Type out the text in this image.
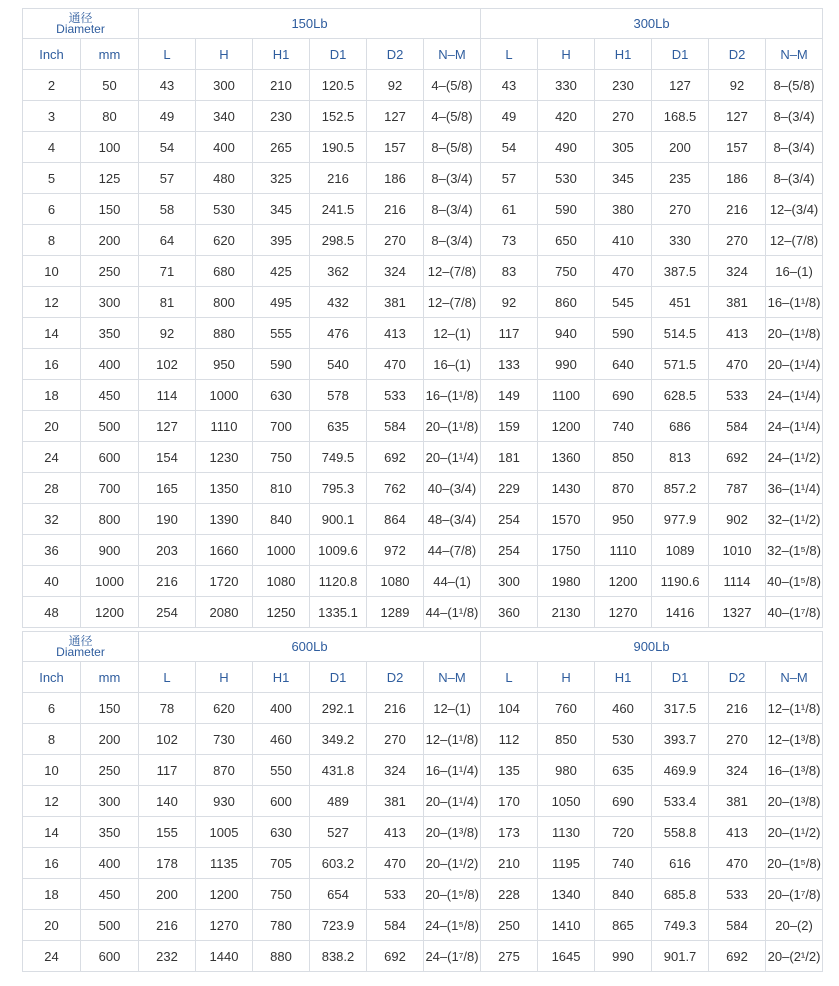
通径
Diameter		150Lb						300Lb					
Inch	mm	L	H	H1	D1	D2	N–M	L	H	H1	D1	D2	N–M
2	50	43	300	210	120.5	92	4–(5/8)	43	330	230	127	92	8–(5/8)
3	80	49	340	230	152.5	127	4–(5/8)	49	420	270	168.5	127	8–(3/4)
4	100	54	400	265	190.5	157	8–(5/8)	54	490	305	200	157	8–(3/4)
5	125	57	480	325	216	186	8–(3/4)	57	530	345	235	186	8–(3/4)
6	150	58	530	345	241.5	216	8–(3/4)	61	590	380	270	216	12–(3/4)
8	200	64	620	395	298.5	270	8–(3/4)	73	650	410	330	270	12–(7/8)
10	250	71	680	425	362	324	12–(7/8)	83	750	470	387.5	324	16–(1)
12	300	81	800	495	432	381	12–(7/8)	92	860	545	451	381	16–(1¹/8)
14	350	92	880	555	476	413	12–(1)	117	940	590	514.5	413	20–(1¹/8)
16	400	102	950	590	540	470	16–(1)	133	990	640	571.5	470	20–(1¹/4)
18	450	114	1000	630	578	533	16–(1¹/8)	149	1100	690	628.5	533	24–(1¹/4)
20	500	127	1110	700	635	584	20–(1¹/8)	159	1200	740	686	584	24–(1¹/4)
24	600	154	1230	750	749.5	692	20–(1¹/4)	181	1360	850	813	692	24–(1¹/2)
28	700	165	1350	810	795.3	762	40–(3/4)	229	1430	870	857.2	787	36–(1¹/4)
32	800	190	1390	840	900.1	864	48–(3/4)	254	1570	950	977.9	902	32–(1¹/2)
36	900	203	1660	1000	1009.6	972	44–(7/8)	254	1750	1110	1089	1010	32–(1⁵/8)
40	1000	216	1720	1080	1120.8	1080	44–(1)	300	1980	1200	1190.6	1114	40–(1⁵/8)
48	1200	254	2080	1250	1335.1	1289	44–(1¹/8)	360	2130	1270	1416	1327	40–(1⁷/8)
通径
Diameter		600Lb						900Lb					
Inch	mm	L	H	H1	D1	D2	N–M	L	H	H1	D1	D2	N–M
6	150	78	620	400	292.1	216	12–(1)	104	760	460	317.5	216	12–(1¹/8)
8	200	102	730	460	349.2	270	12–(1¹/8)	112	850	530	393.7	270	12–(1³/8)
10	250	117	870	550	431.8	324	16–(1¹/4)	135	980	635	469.9	324	16–(1³/8)
12	300	140	930	600	489	381	20–(1¹/4)	170	1050	690	533.4	381	20–(1³/8)
14	350	155	1005	630	527	413	20–(1³/8)	173	1130	720	558.8	413	20–(1¹/2)
16	400	178	1135	705	603.2	470	20–(1¹/2)	210	1195	740	616	470	20–(1⁵/8)
18	450	200	1200	750	654	533	20–(1⁵/8)	228	1340	840	685.8	533	20–(1⁷/8)
20	500	216	1270	780	723.9	584	24–(1⁵/8)	250	1410	865	749.3	584	20–(2)
24	600	232	1440	880	838.2	692	24–(1⁷/8)	275	1645	990	901.7	692	20–(2¹/2)
